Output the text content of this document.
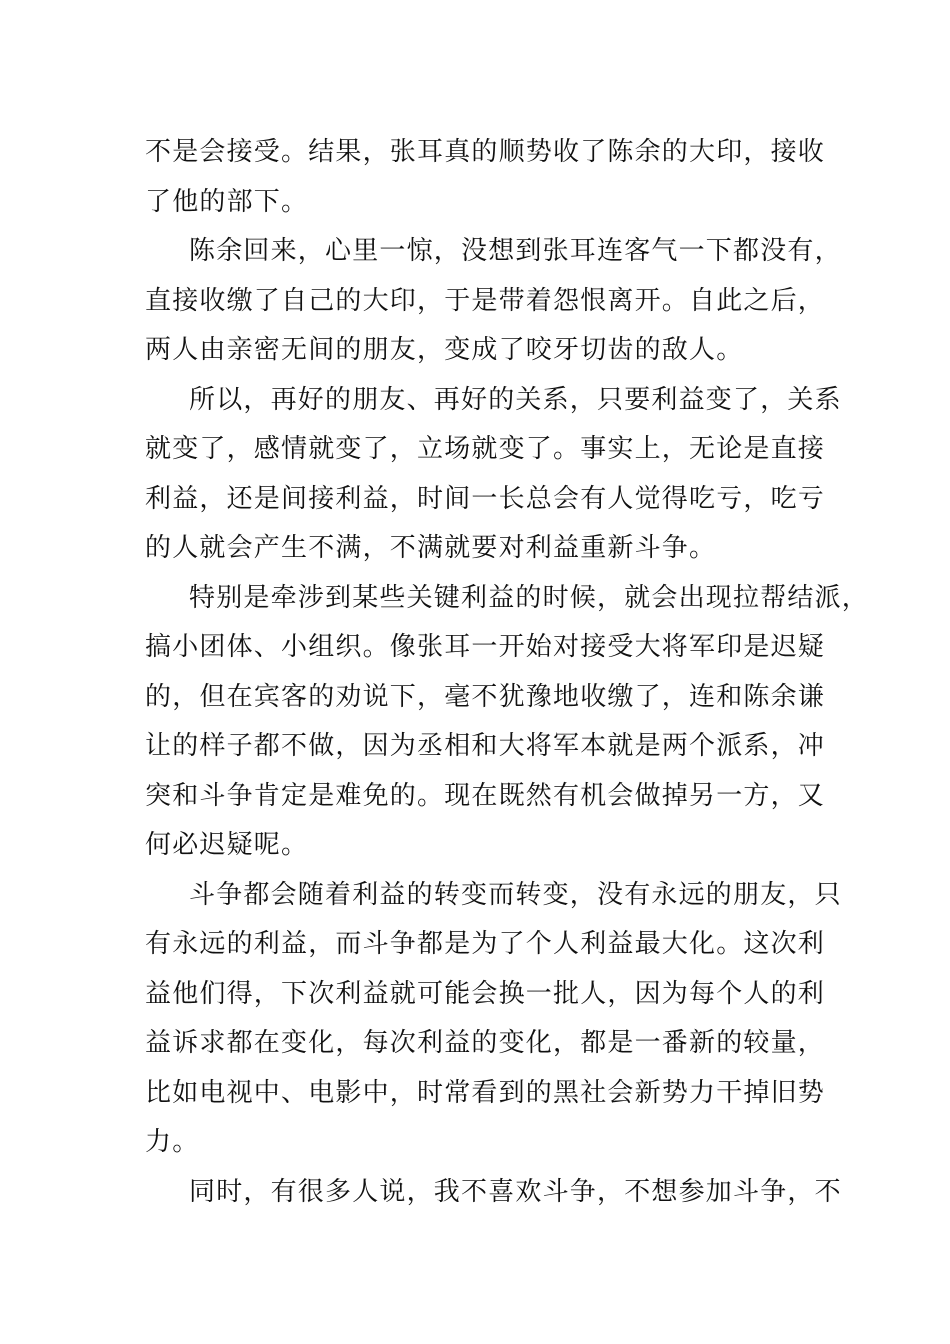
不是会接受。结果，张耳真的顺势收了陈余的大印，接收
了他的部下。
陈余回来，心里一惊，没想到张耳连客气一下都没有，
直接收缴了自己的大印，于是带着怨恨离开。自此之后，
两人由亲密无间的朋友，变成了咬牙切齿的敌人。
所以，再好的朋友、再好的关系，只要利益变了，关系
就变了，感情就变了，立场就变了。事实上，无论是直接
利益，还是间接利益，时间一长总会有人觉得吃亏，吃亏
的人就会产生不满，不满就要对利益重新斗争。
特别是牵涉到某些关键利益的时候，就会出现拉帮结派，
搞小团体、小组织。像张耳一开始对接受大将军印是迟疑
的，但在宾客的劝说下，毫不犹豫地收缴了，连和陈余谦
让的样子都不做，因为丞相和大将军本就是两个派系，冲
突和斗争肯定是难免的。现在既然有机会做掉另一方，又
何必迟疑呢。
斗争都会随着利益的转变而转变，没有永远的朋友，只
有永远的利益，而斗争都是为了个人利益最大化。这次利
益他们得，下次利益就可能会换一批人，因为每个人的利
益诉求都在变化，每次利益的变化，都是一番新的较量，
比如电视中、电影中，时常看到的黑社会新势力干掉旧势
力。
同时，有很多人说，我不喜欢斗争，不想参加斗争，不
